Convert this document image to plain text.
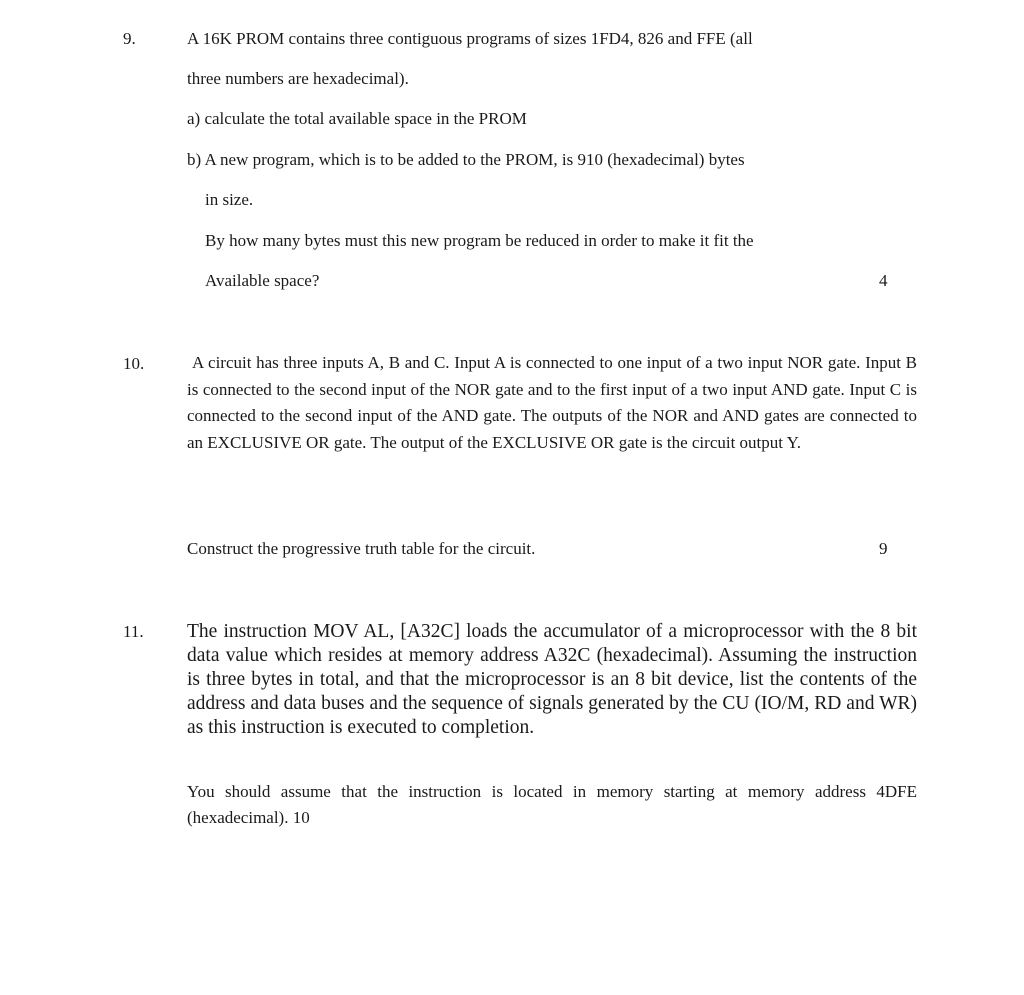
9.	A 16K PROM contains three contiguous programs of sizes 1FD4, 826 and FFE (all
three numbers are hexadecimal).
a) calculate the total available space in the PROM
b) A new program, which is to be added to the PROM, is 910 (hexadecimal) bytes
in size.
By how many bytes must this new program be reduced in order to make it fit the
Available space?	4
10.	A circuit has three inputs A, B and C. Input A is connected to one input of a two input NOR gate. Input B is connected to the second input of the NOR gate and to the first input of a two input AND gate. Input C is connected to the second input of the AND gate. The outputs of the NOR and AND gates are connected to an EXCLUSIVE OR gate. The output of the EXCLUSIVE OR gate is the circuit output Y.
Construct the progressive truth table for the circuit.	9
11. The instruction MOV AL, [A32C] loads the accumulator of a microprocessor with the 8 bit data value which resides at memory address A32C (hexadecimal). Assuming the instruction is three bytes in total, and that the microprocessor is an 8 bit device, list the contents of the address and data buses and the sequence of signals generated by the CU (IO/M, RD and WR) as this instruction is executed to completion.
You should assume that the instruction is located in memory starting at memory address 4DFE (hexadecimal). 10
